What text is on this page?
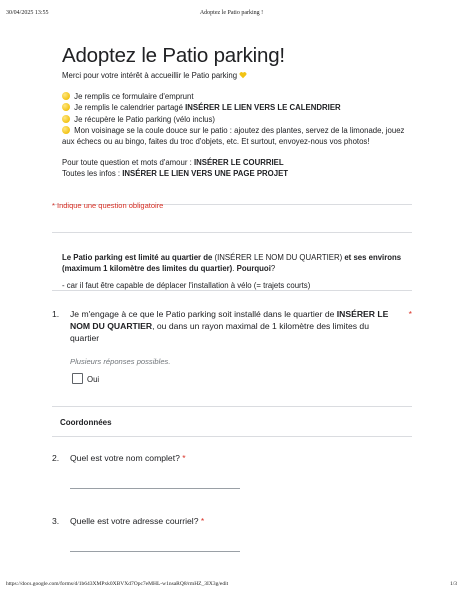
30/04/2025 13:55	Adoptez le Patio parking !
Adoptez le Patio parking!

Merci pour votre intérêt à accueillir le Patio parking

Je remplis ce formulaire d'emprunt

Je remplis le calendrier partagé INSÉRER LE LIEN VERS LE CALENDRIER

Je récupère le Patio parking (vélo inclus)

Mon voisinage se la coule douce sur le patio : ajoutez des plantes, servez de la limonade, jouez aux échecs ou au bingo, faites du troc d'objets, etc. Et surtout, envoyez-nous vos photos!

Pour toute question et mots d'amour : INSÉRER LE COURRIEL

Toutes les infos : INSÉRER LE LIEN VERS UNE PAGE PROJET

* Indique une question obligatoire

Le Patio parking est limité au quartier de (INSÉRER LE NOM DU QUARTIER) et ses environs (maximum 1 kilomètre des limites du quartier). Pourquoi?

- car il faut être capable de déplacer l'installation à vélo (= trajets courts)

1. Je m'engage à ce que le Patio parking soit installé dans le quartier de INSÉRER LE NOM DU QUARTIER, ou dans un rayon maximal de 1 kilomètre des limites du quartier
*
Plusieurs réponses possibles.
Oui
Coordonnées
2. Quel est votre nom complet? *
3. Quelle est votre adresse courriel? *
https://docs.google.com/forms/d/1b643XMPxk0XBVXd7Opc7eMHL-w1nsaRQ8/rmHZ_3IX3g/edit	1/3
